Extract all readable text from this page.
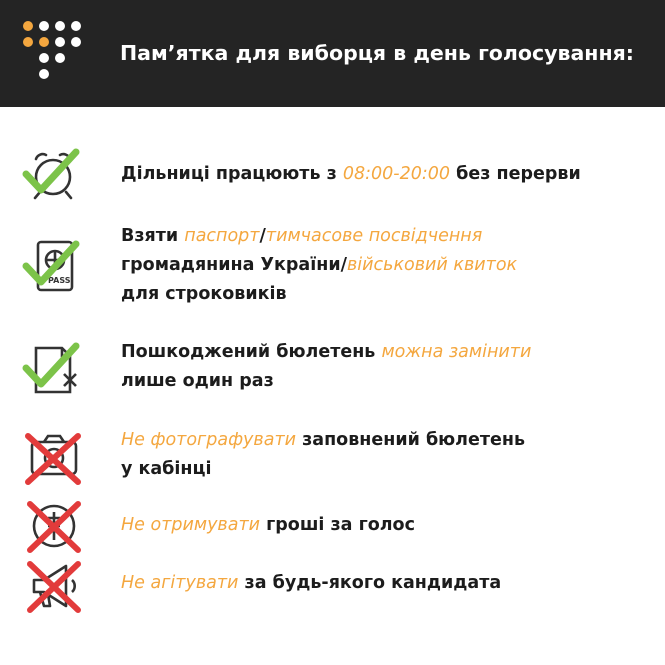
Пам’ятка для виборця в день голосування:
Дільниці працюють з 08:00-20:00 без перерви
PASS
Взяти паспорт/тимчасове посвідчення
громадянина України/військовий квиток
для строковиків
Пошкоджений бюлетень можна замінити
лише один раз
Не фотографувати заповнений бюлетень
у кабінці
Не отримувати гроші за голос
Не агітувати за будь-якого кандидата
